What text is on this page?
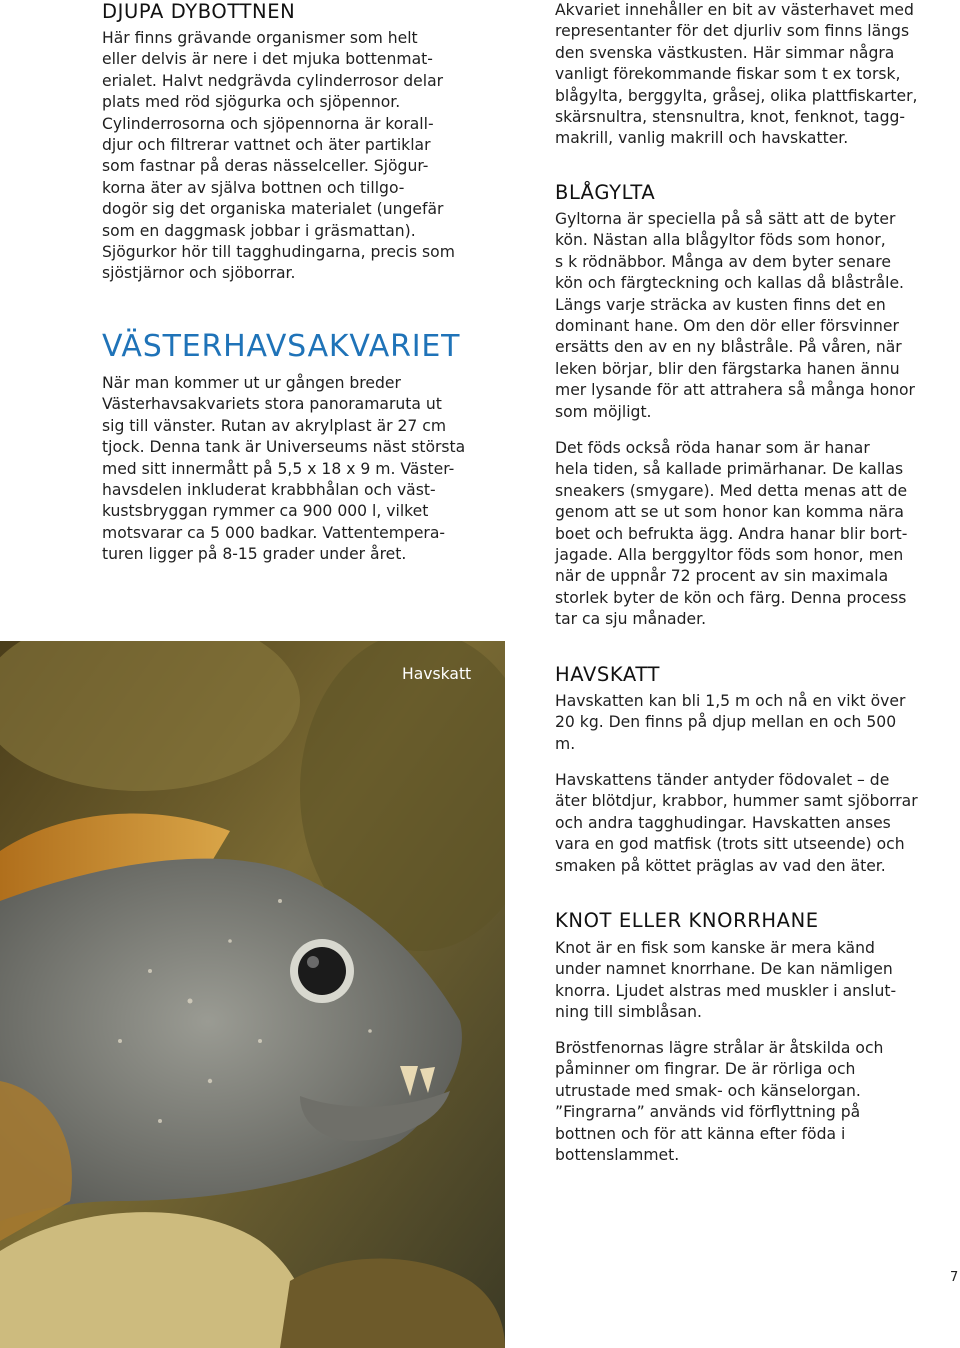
DJUPA DYBOTTNEN

Här finns grävande organismer som helt
eller delvis är nere i det mjuka bottenmat-
erialet. Halvt nedgrävda cylinderrosor delar
plats med röd sjögurka och sjöpennor.
Cylinderrosorna och sjöpennorna är korall-
djur och filtrerar vattnet och äter partiklar
som fastnar på deras nässelceller. Sjögur-
korna äter av själva bottnen och tillgo-
dogör sig det organiska materialet (ungefär
som en daggmask jobbar i gräsmattan).
Sjögurkor hör till tagghudingarna, precis som
sjöstjärnor och sjöborrar.

VÄSTERHAVSAKVARIET

När man kommer ut ur gången breder
Västerhavsakvariets stora panoramaruta ut
sig till vänster. Rutan av akrylplast är 27 cm
tjock. Denna tank är Universeums näst största
med sitt innermått på 5,5 x 18 x 9 m. Väster-
havsdelen inkluderat krabbhålan och väst-
kustsbryggan rymmer ca 900 000 l, vilket
motsvarar ca 5 000 badkar. Vattentempera-
turen ligger på 8-15 grader under året.

Havskatt

Akvariet innehåller en bit av västerhavet med
representanter för det djurliv som finns längs
den svenska västkusten. Här simmar några
vanligt förekommande fiskar som t ex torsk,
blågylta, berggylta, gråsej, olika plattfiskarter,
skärsnultra, stensnultra, knot, fenknot, tagg-
makrill, vanlig makrill och havskatter.

BLÅGYLTA

Gyltorna är speciella på så sätt att de byter
kön. Nästan alla blågyltor föds som honor,
s k rödnäbbor. Många av dem byter senare
kön och färgteckning och kallas då blåstråle.
Längs varje sträcka av kusten finns det en
dominant hane. Om den dör eller försvinner
ersätts den av en ny blåstråle. På våren, när
leken börjar, blir den färgstarka hanen ännu
mer lysande för att attrahera så många honor
som möjligt.

Det föds också röda hanar som är hanar
hela tiden, så kallade primärhanar. De kallas
sneakers (smygare). Med detta menas att de
genom att se ut som honor kan komma nära
boet och befrukta ägg. Andra hanar blir bort-
jagade. Alla berggyltor föds som honor, men
när de uppnår 72 procent av sin maximala
storlek byter de kön och färg. Denna process
tar ca sju månader.

HAVSKATT

Havskatten kan bli 1,5 m och nå en vikt över
20 kg. Den finns på djup mellan en och 500
m.

Havskattens tänder antyder födovalet – de
äter blötdjur, krabbor, hummer samt sjöborrar
och andra tagghudingar. Havskatten anses
vara en god matfisk (trots sitt utseende) och
smaken på köttet präglas av vad den äter.

KNOT ELLER KNORRHANE

Knot är en fisk som kanske är mera känd
under namnet knorrhane. De kan nämligen
knorra. Ljudet alstras med muskler i anslut-
ning till simblåsan.

Bröstfenornas lägre strålar är åtskilda och
påminner om fingrar. De är rörliga och
utrustade med smak- och känselorgan.
”Fingrarna” används vid förflyttning på
bottnen och för att känna efter föda i
bottenslammet.

7
